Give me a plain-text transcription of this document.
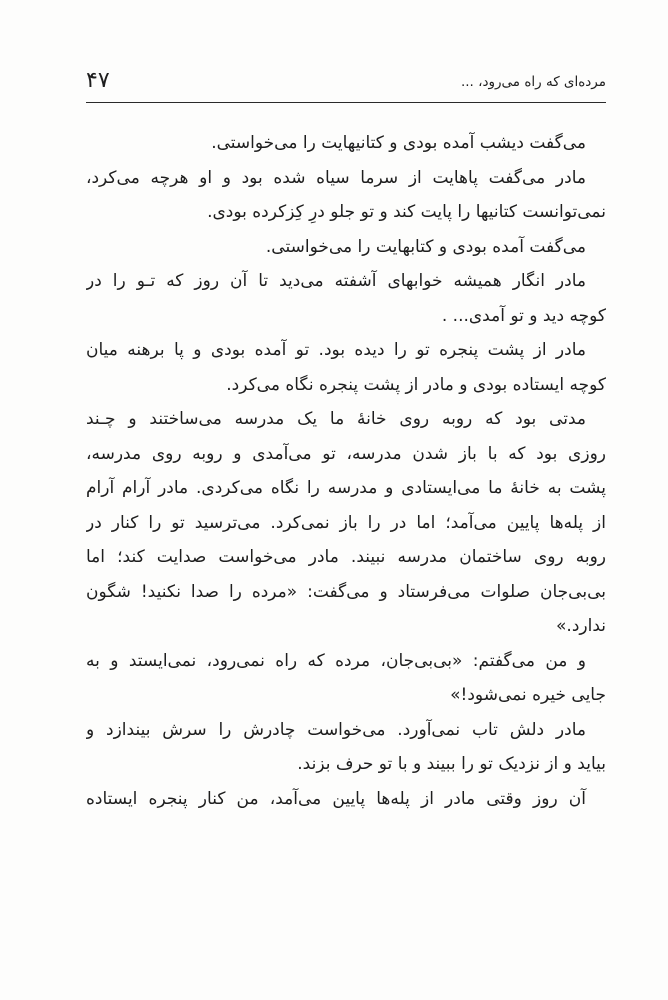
۴۷	مرده‌ای که راه می‌رود، ...
می‌گفت دیشب آمده بودی و کتانیهایت را می‌خواستی.
مادر می‌گفت پاهایت از سرما سیاه شده بود و او هرچه می‌کرد،
نمی‌توانست کتانیها را پایت کند و تو جلو درِ کِزکرده بودی.
می‌گفت آمده بودی و کتابهایت را می‌خواستی.
مادر انگار همیشه خوابهای آشفته می‌دید تا آن روز که تـو را در
کوچه دید و تو آمدی... .
مادر از پشت پنجره تو را دیده بود. تو آمده بودی و پا برهنه میان
کوچه ایستاده بودی و مادر از پشت پنجره نگاه می‌کرد.
مدتی بود که روبه روی خانهٔ ما یک مدرسه می‌ساختند و چـند
روزی بود که با باز شدن مدرسه، تو می‌آمدی و روبه روی مدرسه،
پشت به خانهٔ ما می‌ایستادی و مدرسه را نگاه می‌کردی. مادر آرام آرام
از پله‌ها پایین می‌آمد؛ اما در را باز نمی‌کرد. می‌ترسید تو را کنار در
روبه روی ساختمان مدرسه نبیند. مادر می‌خواست صدایت کند؛ اما
بی‌بی‌جان صلوات می‌فرستاد و می‌گفت: «مرده را صدا نکنید! شگون
ندارد.»
و من می‌گفتم: «بی‌بی‌جان، مرده که راه نمی‌رود، نمی‌ایستد و به
جایی خیره نمی‌شود!»
مادر دلش تاب نمی‌آورد. می‌خواست چادرش را سرش بیندازد و
بیاید و از نزدیک تو را ببیند و با تو حرف بزند.
آن روز وقتی مادر از پله‌ها پایین می‌آمد، من کنار پنجره ایستاده
